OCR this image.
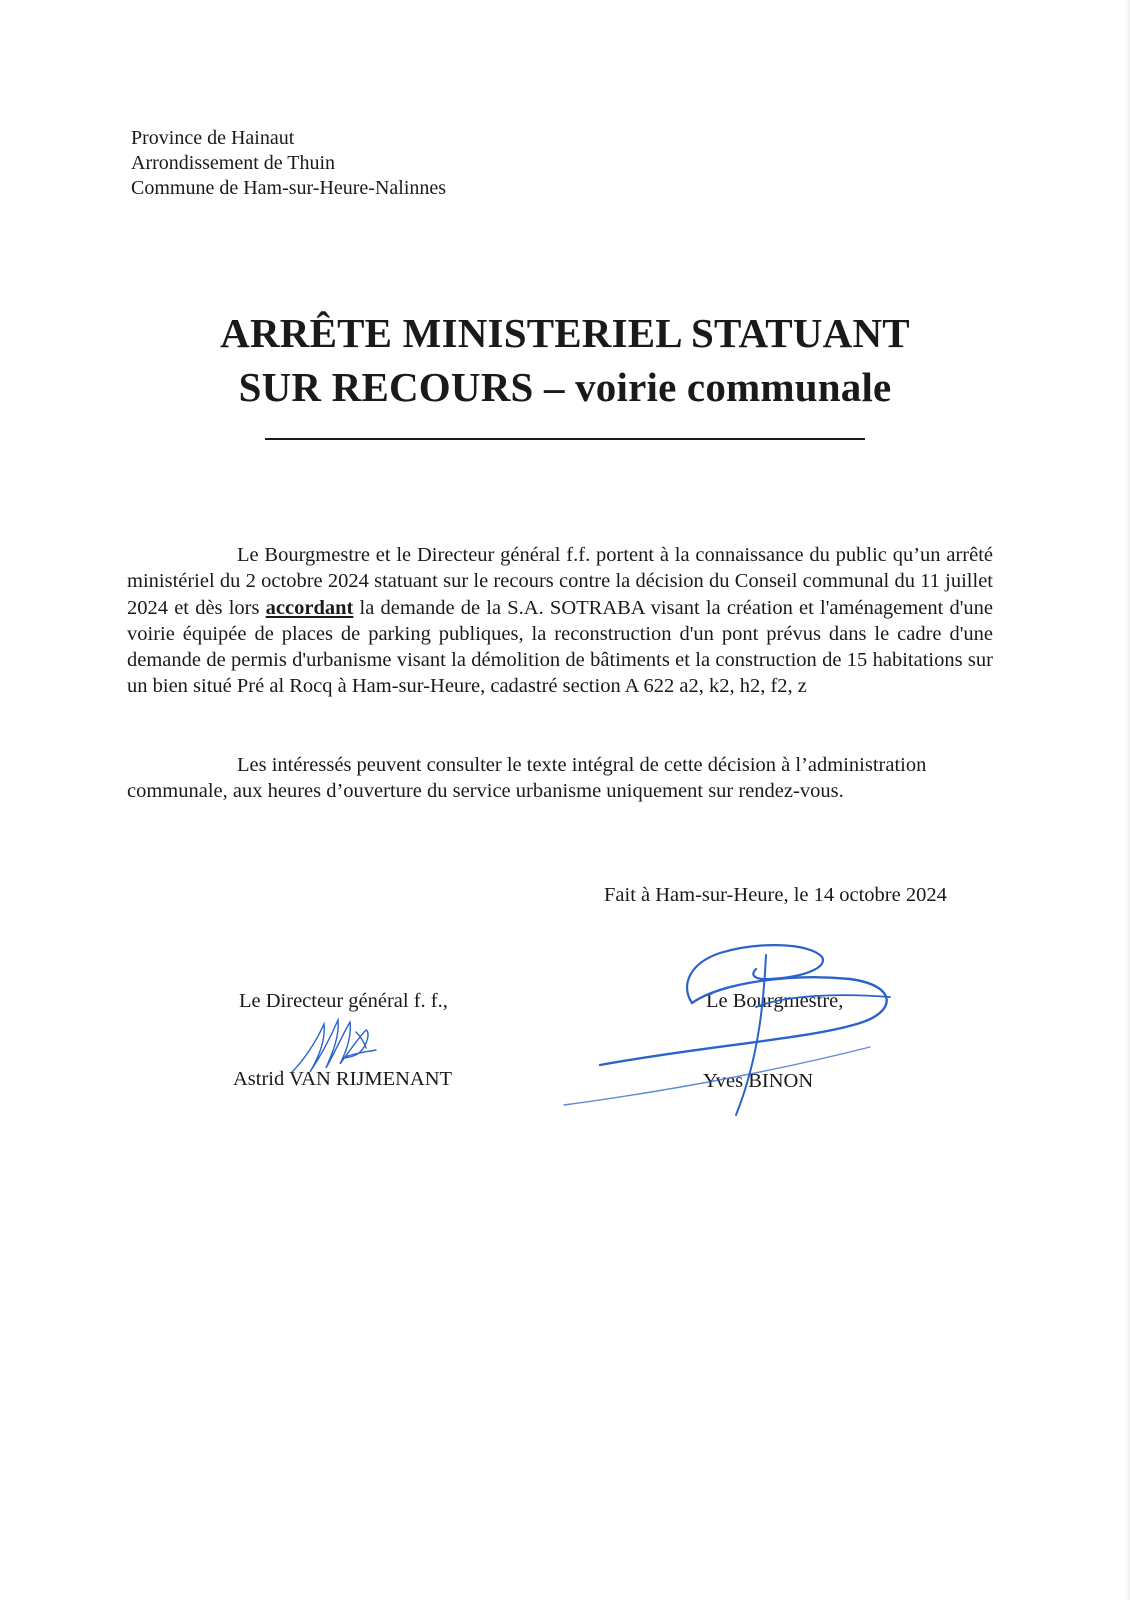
Province de Hainaut
Arrondissement de Thuin
Commune de Ham-sur-Heure-Nalinnes
ARRÊTE MINISTERIEL STATUANT
SUR RECOURS – voirie communale
Le Bourgmestre et le Directeur général f.f. portent à la connaissance du public qu’un arrêté ministériel du 2 octobre 2024 statuant sur le recours contre la décision du Conseil communal du 11 juillet 2024 et dès lors accordant la demande de la S.A. SOTRABA visant la création et l'aménagement d'une voirie équipée de places de parking publiques, la reconstruction d'un pont prévus dans le cadre d'une demande de permis d'urbanisme visant la démolition de bâtiments et la construction de 15 habitations sur un bien situé Pré al Rocq à Ham-sur-Heure, cadastré section A 622 a2, k2, h2, f2, z
Les intéressés peuvent consulter le texte intégral de cette décision à l’administration
communale, aux heures d’ouverture du service urbanisme uniquement sur rendez-vous.
Fait à Ham-sur-Heure, le 14 octobre 2024
Le Directeur général f. f.,
Astrid VAN RIJMENANT
Le Bourgmestre,
Yves BINON
